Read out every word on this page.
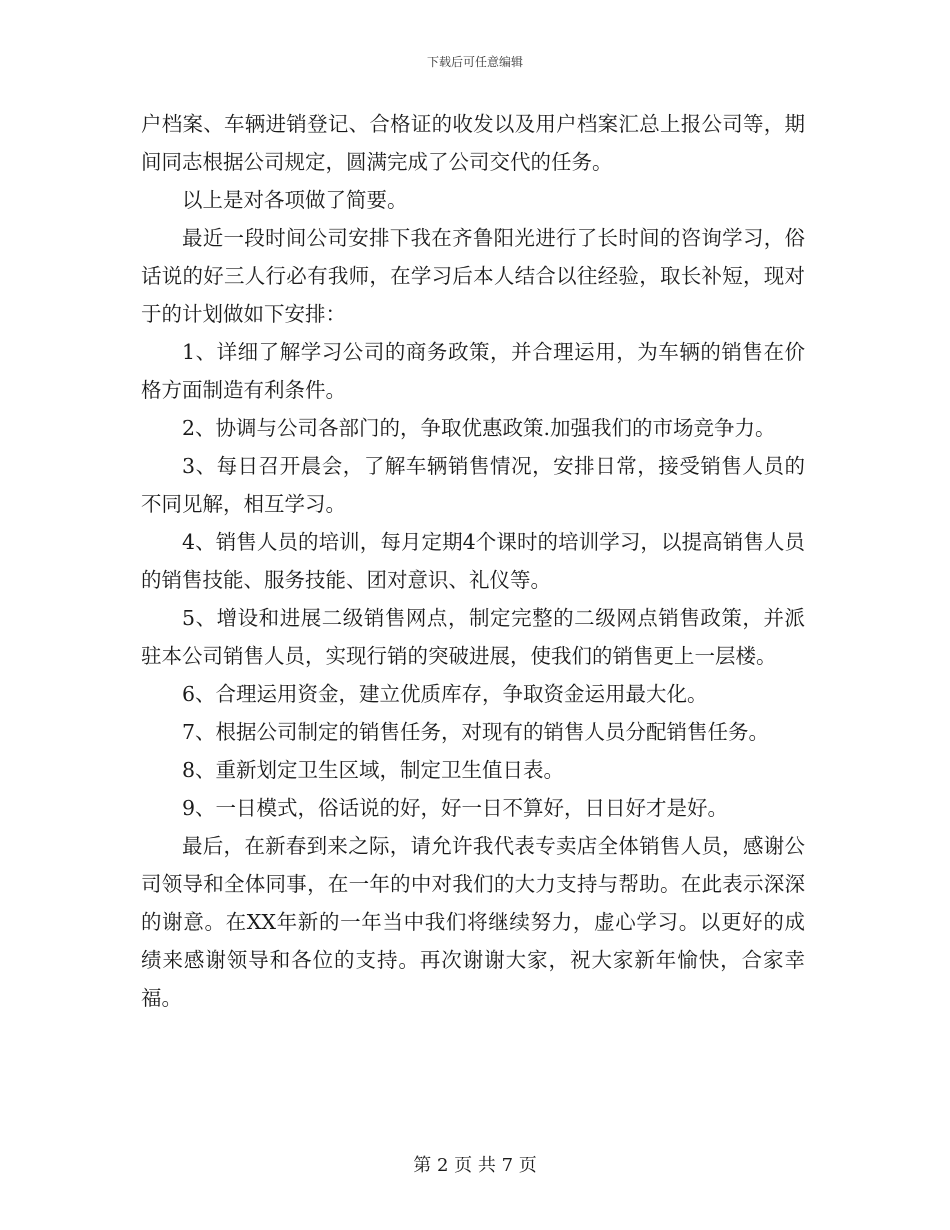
下载后可任意编辑

户档案、车辆进销登记、合格证的收发以及用户档案汇总上报公司等，期间同志根据公司规定，圆满完成了公司交代的任务。

以上是对各项做了简要。

最近一段时间公司安排下我在齐鲁阳光进行了长时间的咨询学习，俗话说的好三人行必有我师，在学习后本人结合以往经验，取长补短，现对于的计划做如下安排：

1、详细了解学习公司的商务政策，并合理运用，为车辆的销售在价格方面制造有利条件。

2、协调与公司各部门的，争取优惠政策.加强我们的市场竞争力。

3、每日召开晨会，了解车辆销售情况，安排日常，接受销售人员的不同见解，相互学习。

4、销售人员的培训，每月定期4个课时的培训学习，以提高销售人员的销售技能、服务技能、团对意识、礼仪等。

5、增设和进展二级销售网点，制定完整的二级网点销售政策，并派驻本公司销售人员，实现行销的突破进展，使我们的销售更上一层楼。

6、合理运用资金，建立优质库存，争取资金运用最大化。

7、根据公司制定的销售任务，对现有的销售人员分配销售任务。

8、重新划定卫生区域，制定卫生值日表。

9、一日模式，俗话说的好，好一日不算好，日日好才是好。

最后，在新春到来之际，请允许我代表专卖店全体销售人员，感谢公司领导和全体同事，在一年的中对我们的大力支持与帮助。在此表示深深的谢意。在XX年新的一年当中我们将继续努力，虚心学习。以更好的成绩来感谢领导和各位的支持。再次谢谢大家，祝大家新年愉快，合家幸福。

第 2 页 共 7 页
